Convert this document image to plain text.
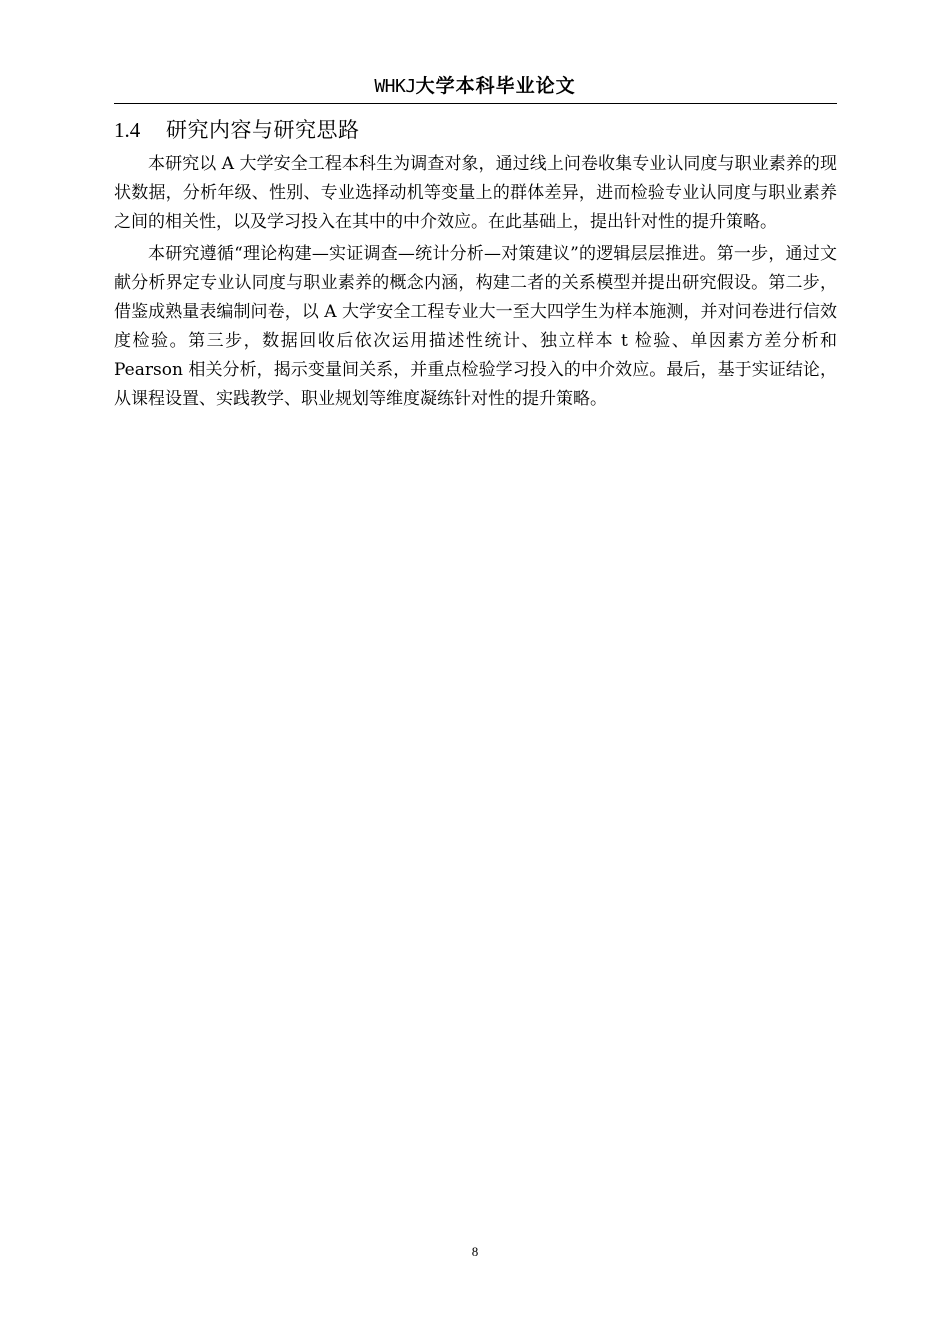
WHKJ大学本科毕业论文
1.4 研究内容与研究思路

本研究以 A 大学安全工程本科生为调查对象，通过线上问卷收集专业认同度与职业素养的现状数据，分析年级、性别、专业选择动机等变量上的群体差异，进而检验专业认同度与职业素养之间的相关性，以及学习投入在其中的中介效应。在此基础上，提出针对性的提升策略。

本研究遵循“理论构建—实证调查—统计分析—对策建议”的逻辑层层推进。第一步，通过文献分析界定专业认同度与职业素养的概念内涵，构建二者的关系模型并提出研究假设。第二步，借鉴成熟量表编制问卷，以 A 大学安全工程专业大一至大四学生为样本施测，并对问卷进行信效度检验。第三步，数据回收后依次运用描述性统计、独立样本 t 检验、单因素方差分析和 Pearson 相关分析，揭示变量间关系，并重点检验学习投入的中介效应。最后，基于实证结论，从课程设置、实践教学、职业规划等维度凝练针对性的提升策略。

8
